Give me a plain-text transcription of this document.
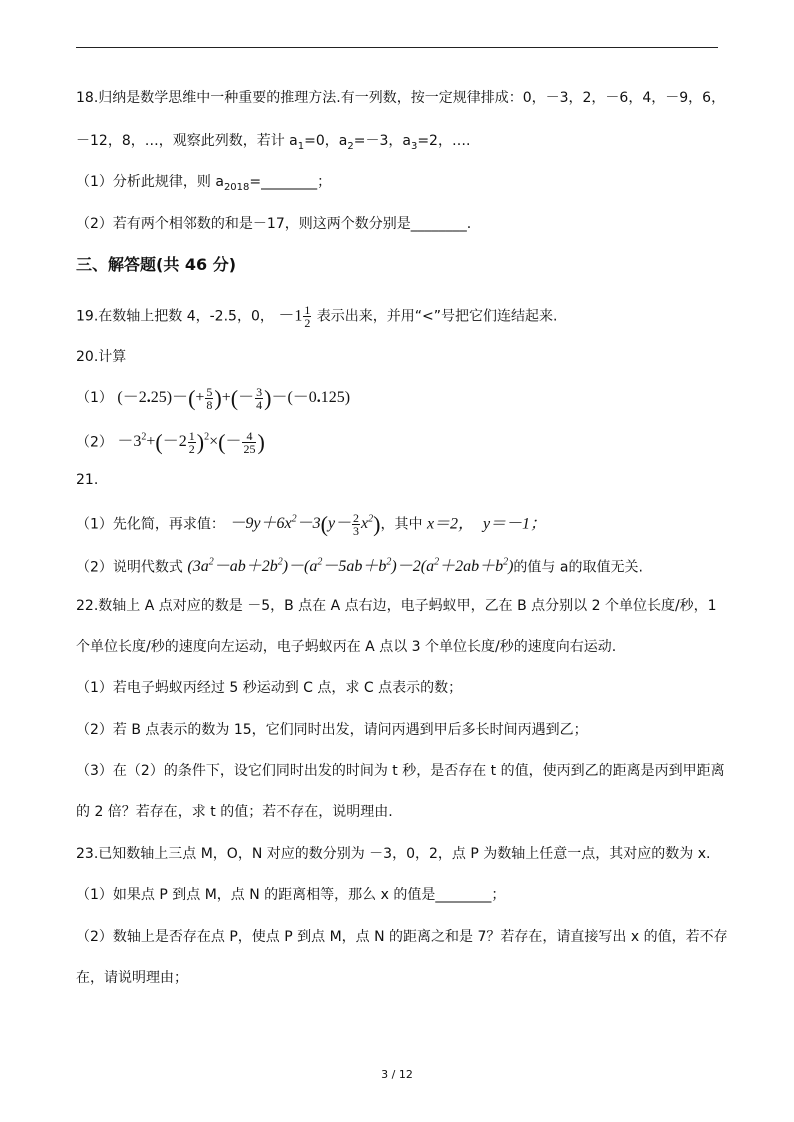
18.归纳是数学思维中一种重要的推理方法.有一列数，按一定规律排成：0，－3，2，－6，4，－9，6，
－12，8，…，观察此列数，若计 $a_1=0$，$a_2=-3$，$a_3=2$，….
（1）分析此规律，则 $a_{2018}=\_\_\_\_\_\_\_\_$；
（2）若有两个相邻数的和是－17，则这两个数分别是________.
三、解答题(共 46 分)
19.在数轴上把数 4，-2.5，0， $-1 \frac{1}{2}$ 表示出来，并用“<”号把它们连结起来.
20.计算
（1） $(-2.25)-(+ \frac{5}{8}$ )+(－ $\frac{3}{4} )-(-0.125)$
$(2) -3^2+(-2 \frac{1}{2} )^2\times(- \frac{4}{25}$ )
21.
（1）先化简，再求值： $-9y+6x^2-3(y- \frac{2}{3} x^2)$，其中 x＝2， y＝－1；
（2）说明代数式 $(3a^2-ab+2b^2)-(a^2-5ab+b^2)-2(a^2+2ab+b^2)$的值与 a的取值无关.
22.数轴上 A 点对应的数是 －5，B 点在 A 点右边，电子蚂蚁甲，乙在 B 点分别以 2 个单位长度/秒，1
个单位长度/秒的速度向左运动，电子蚂蚁丙在 A 点以 3 个单位长度/秒的速度向右运动.
（1）若电子蚂蚁丙经过 5 秒运动到 C 点，求 C 点表示的数；
（2）若 B 点表示的数为 15，它们同时出发，请问丙遇到甲后多长时间丙遇到乙；
（3）在（2）的条件下，设它们同时出发的时间为 t 秒，是否存在 t 的值，使丙到乙的距离是丙到甲距离
的 2 倍？若存在，求 t 的值；若不存在，说明理由.
23.已知数轴上三点 M，O，N 对应的数分别为 －3，0，2，点 P 为数轴上任意一点，其对应的数为 x.
（1）如果点 P 到点 M，点 N 的距离相等，那么 x 的值是________；
（2）数轴上是否存在点 P，使点 P 到点 M，点 N 的距离之和是 7？若存在，请直接写出 x 的值，若不存
在，请说明理由；
3 / 12
